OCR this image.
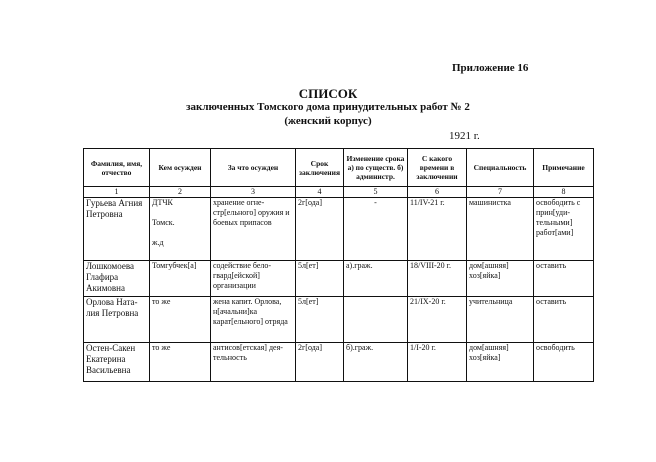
Приложение 16
СПИСОК
заключенных Томского дома принудительных работ № 2
(женский корпус)
1921 г.
Фамилия, имя, отчество	Кем осужден	За что осужден	Срок заключения	Изменение срока а) по существ. б) администр.	С какого времени в заключении	Специальность	Примечание
1	2	3	4	5	6	7	8
Гурьева Агния Петровна	ДТЧК
Томск.
ж.д	хранение огне-стр[ельного] оружия и боевых припасов	2г[ода]	-	11/IV-21 г.	машинистка	освободить с прин[уди-тельными] работ[ами]
Лошкомоева Глафира Акимовна	Томгубчек[а]	содействие бело-гвард[ейской] организации	5л[ет]	а).граж.	18/VIII-20 г.	дом[ашняя] хоз[яйка]	оставить
Орлова Ната-лия Петровна	то же	жена капит. Орлова, н[ачальни]ка карат[ельного] отряда	5л[ет]		21/IX-20 г.	учительница	оставить
Остен-Сакен Екатерина Васильевна	то же	антисов[етская] дея-тельность	2г[ода]	б).граж.	1/I-20 г.	дом[ашняя] хоз[яйка]	освободить
